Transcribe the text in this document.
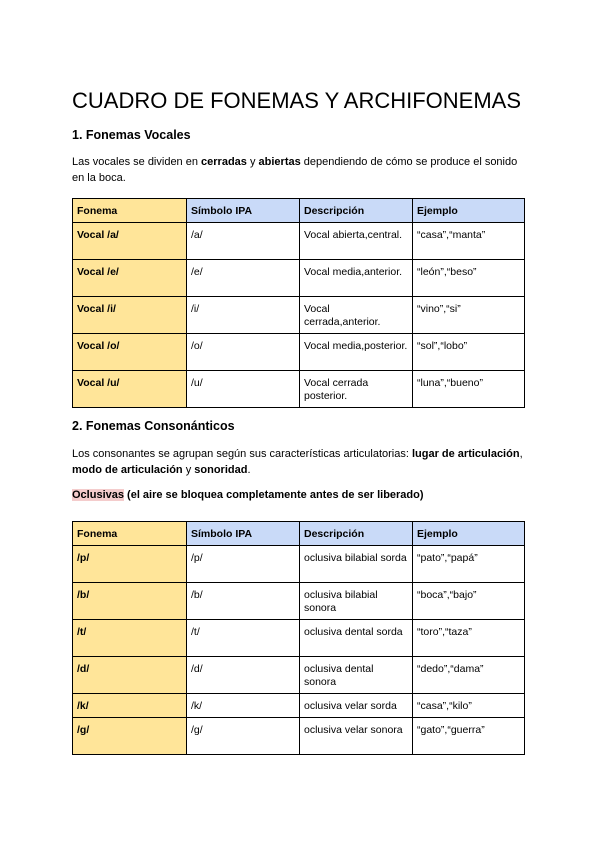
CUADRO DE FONEMAS Y ARCHIFONEMAS
1. Fonemas Vocales

Las vocales se dividen en cerradas y abiertas dependiendo de cómo se produce el sonido en la boca.

Fonema	Símbolo IPA	Descripción	Ejemplo
Vocal /a/	/a/	Vocal abierta,central.	“casa”,“manta”
Vocal /e/	/e/	Vocal media,anterior.	“león”,“beso”
Vocal /i/	/i/	Vocal cerrada,anterior.	“vino”,“si”
Vocal /o/	/o/	Vocal media,posterior.	“sol”,“lobo”
Vocal /u/	/u/	Vocal cerrada posterior.	“luna”,“bueno”
2. Fonemas Consonánticos

Los consonantes se agrupan según sus características articulatorias: lugar de articulación, modo de articulación y sonoridad.

Oclusivas (el aire se bloquea completamente antes de ser liberado)

Fonema	Símbolo IPA	Descripción	Ejemplo
/p/	/p/	oclusiva bilabial sorda	“pato”,“papá”
/b/	/b/	oclusiva bilabial sonora	“boca”,“bajo”
/t/	/t/	oclusiva dental sorda	“toro”,“taza”
/d/	/d/	oclusiva dental sonora	“dedo”,“dama”
/k/	/k/	oclusiva velar sorda	“casa”,“kilo”
/g/	/g/	oclusiva velar sonora	“gato”,“guerra”
